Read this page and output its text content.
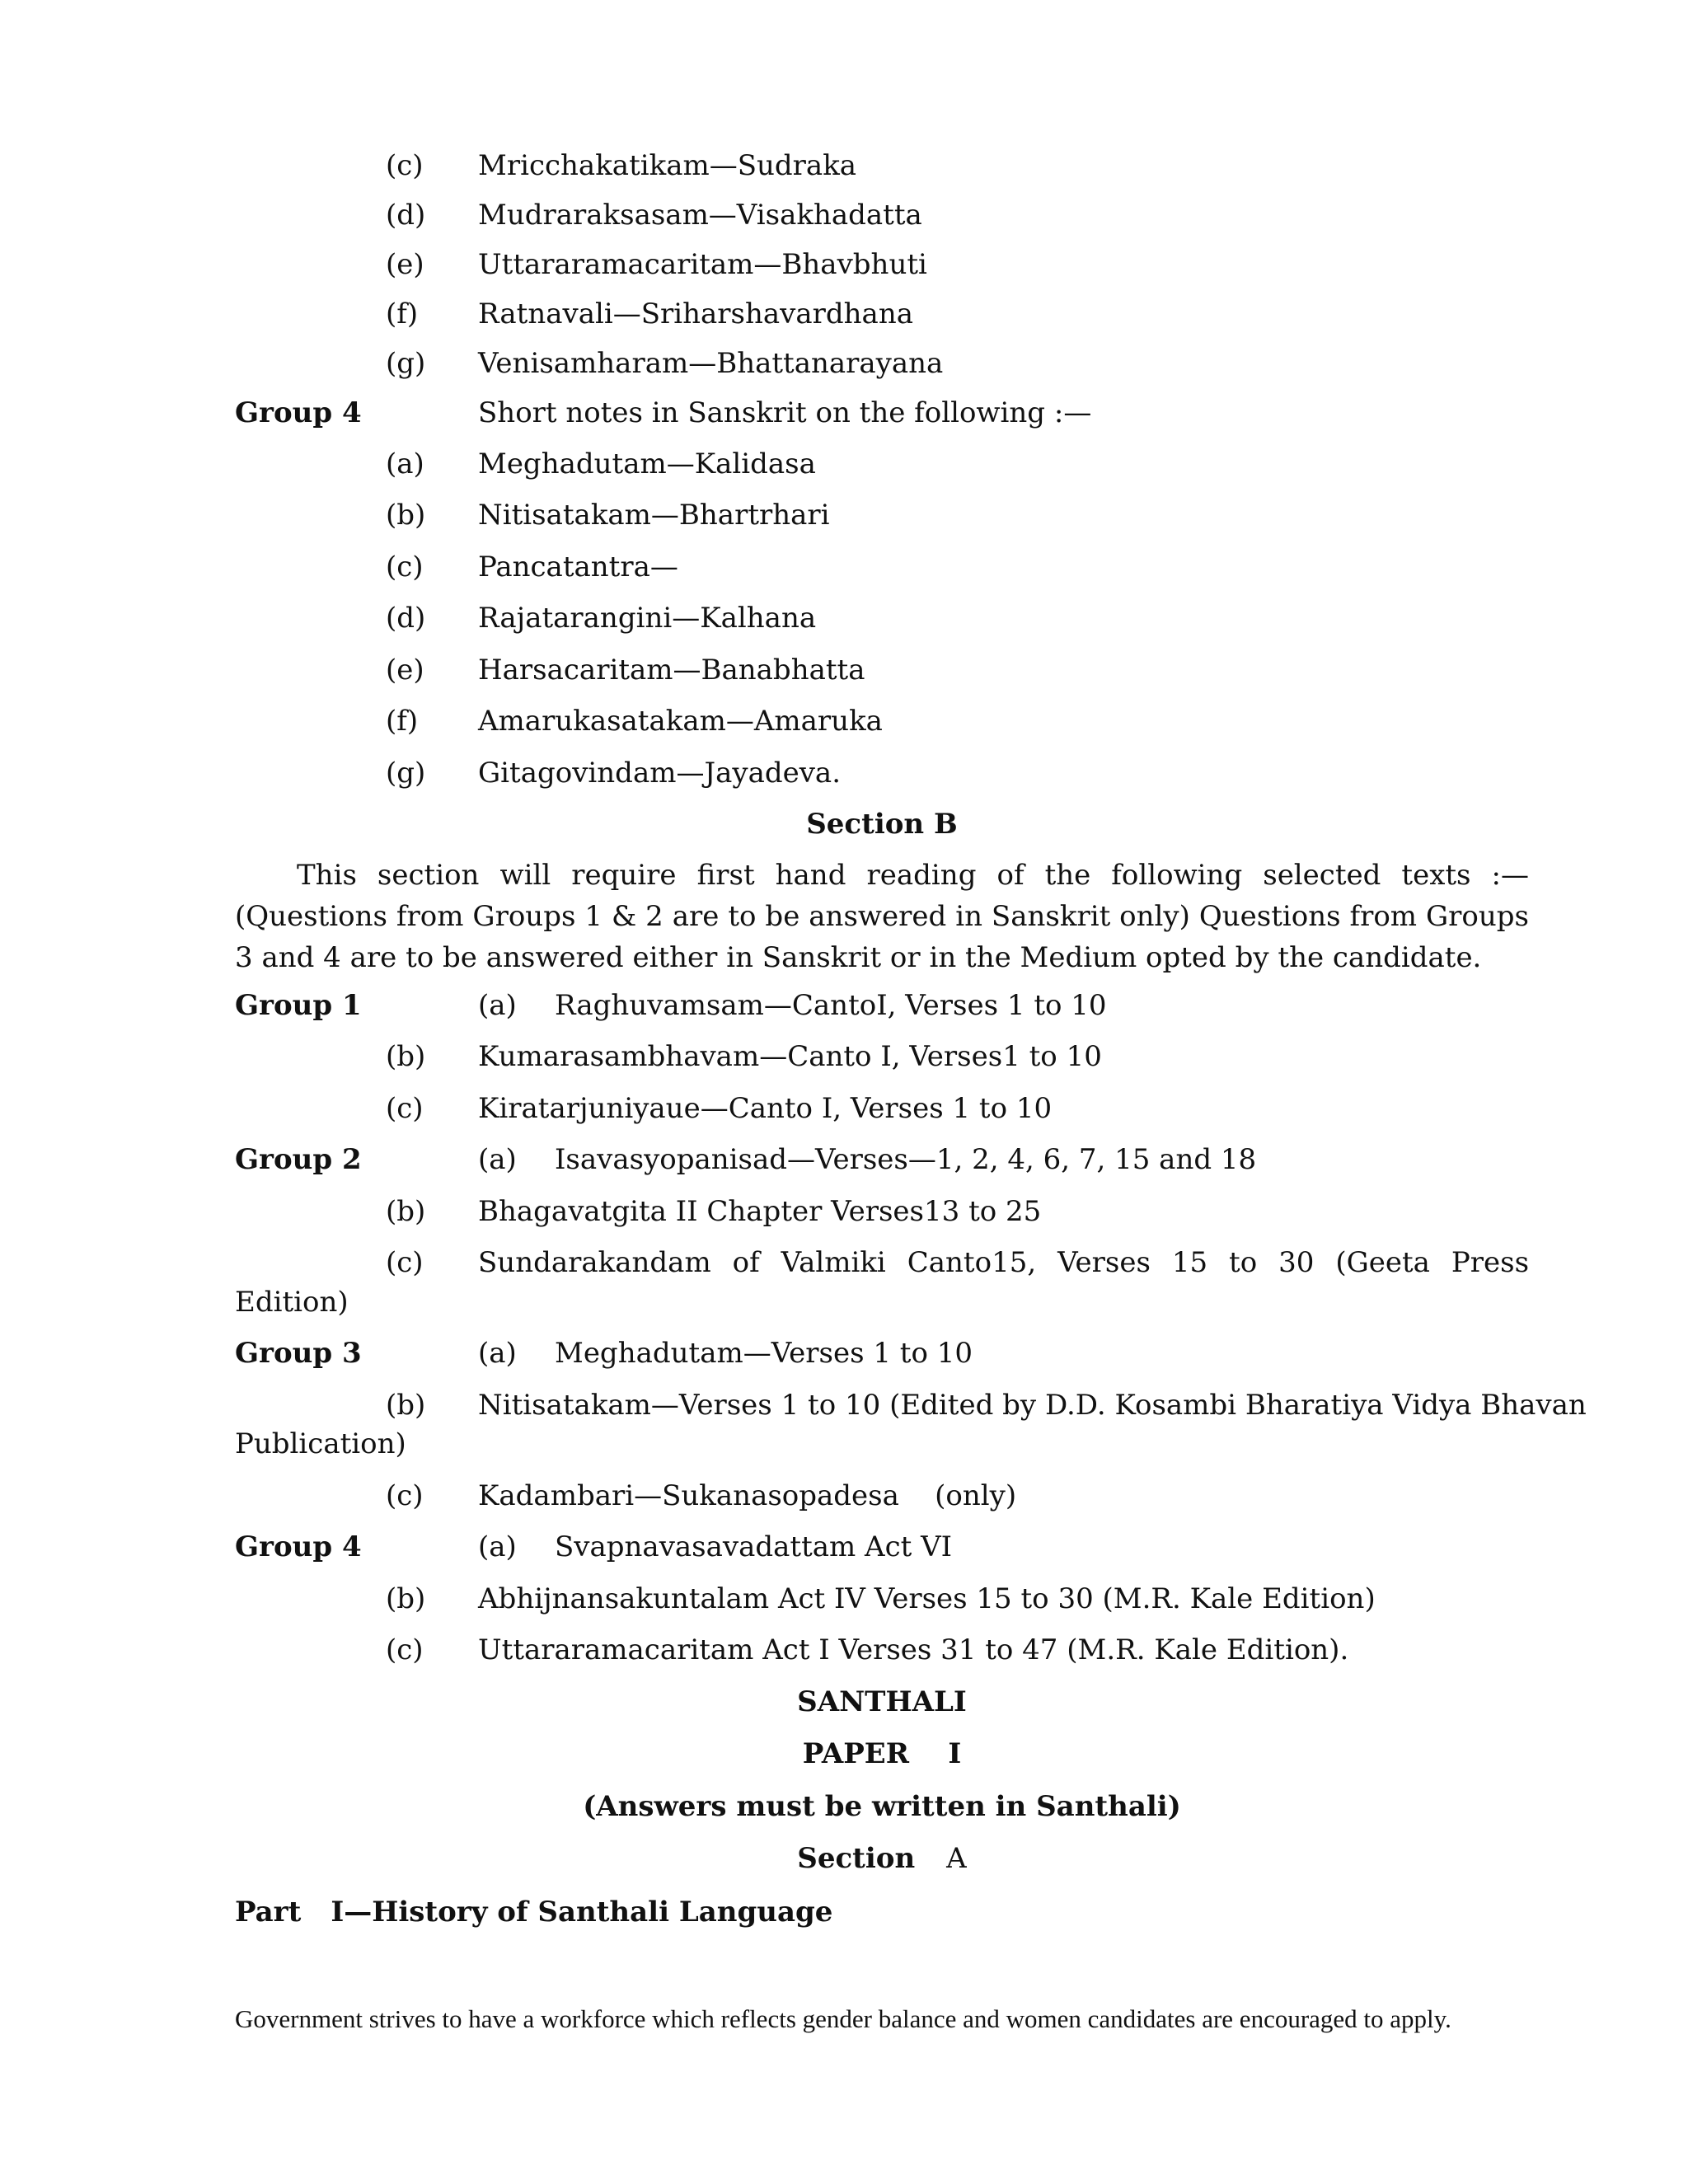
(c) Mricchakatikam—Sudraka
(d) Mudraraksasam—Visakhadatta
(e) Uttararamacaritam—Bhavbhuti
(f) Ratnavali—Sriharshavardhana
(g) Venisamharam—Bhattanarayana
Group 4	Short notes in Sanskrit on the following :—
(a) Meghadutam—Kalidasa
(b) Nitisatakam—Bhartrhari
(c) Pancatantra—
(d) Rajatarangini—Kalhana
(e) Harsacaritam—Banabhatta
(f) Amarukasatakam—Amaruka
(g) Gitagovindam—Jayadeva.
Section B
This section will require first hand reading of the following selected texts :— (Questions from Groups 1 & 2 are to be answered in Sanskrit only) Questions from Groups 3 and 4 are to be answered either in Sanskrit or in the Medium opted by the candidate.
Group 1	(a) Raghuvamsam—CantoI, Verses 1 to 10
(b) Kumarasambhavam—Canto I, Verses1 to 10
(c) Kiratarjuniyaue—Canto I, Verses 1 to 10
Group 2	(a) Isavasyopanisad—Verses—1, 2, 4, 6, 7, 15 and 18
(b) Bhagavatgita II Chapter Verses13 to 25
(c) Sundarakandam of Valmiki Canto15, Verses 15 to 30 (Geeta Press
Edition)
Group 3	(a) Meghadutam—Verses 1 to 10
(b) Nitisatakam—Verses 1 to 10 (Edited by D.D. Kosambi Bharatiya Vidya Bhavan
Publication)
(c) Kadambari—Sukanasopadesa    (only)
Group 4	(a) Svapnavasavadattam Act VI
(b) Abhijnansakuntalam Act IV Verses 15 to 30 (M.R. Kale Edition)
(c) Uttararamacaritam Act I Verses 31 to 47 (M.R. Kale Edition).
SANTHALI
PAPER    I
(Answers must be written in Santhali)
Section A
Part I—History of Santhali Language
Government strives to have a workforce which reflects gender balance and women candidates are encouraged to apply.
